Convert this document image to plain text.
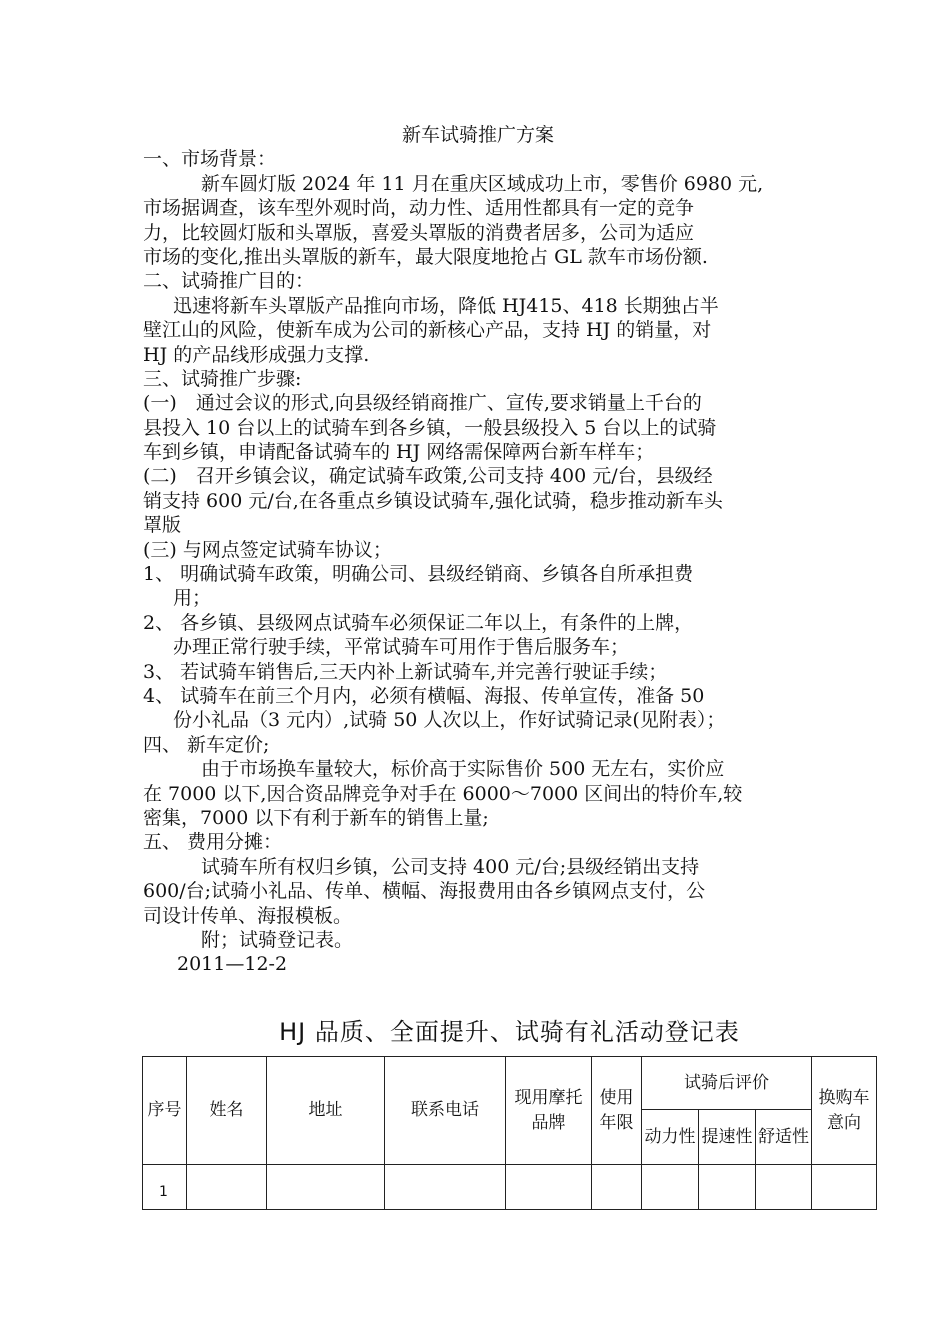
新车试骑推广方案
一、市场背景：
新车圆灯版 2024 年 11 月在重庆区域成功上市，零售价 6980 元,
市场据调查，该车型外观时尚，动力性、适用性都具有一定的竞争
力，比较圆灯版和头罩版，喜爱头罩版的消费者居多，公司为适应
市场的变化,推出头罩版的新车，最大限度地抢占 GL 款车市场份额.
二、试骑推广目的：
迅速将新车头罩版产品推向市场，降低 HJ415、418 长期独占半
壁江山的风险，使新车成为公司的新核心产品，支持 HJ 的销量，对
HJ 的产品线形成强力支撑.
三、试骑推广步骤:
(一)　通过会议的形式,向县级经销商推广、宣传,要求销量上千台的
县投入 10 台以上的试骑车到各乡镇，一般县级投入 5 台以上的试骑
车到乡镇，申请配备试骑车的 HJ 网络需保障两台新车样车；
(二)　召开乡镇会议，确定试骑车政策,公司支持 400 元/台，县级经
销支持 600 元/台,在各重点乡镇设试骑车,强化试骑，稳步推动新车头
罩版
(三) 与网点签定试骑车协议；
1、 明确试骑车政策，明确公司、县级经销商、乡镇各自所承担费
用；
2、 各乡镇、县级网点试骑车必须保证二年以上，有条件的上牌，
办理正常行驶手续，平常试骑车可用作于售后服务车；
3、 若试骑车销售后,三天内补上新试骑车,并完善行驶证手续；
4、 试骑车在前三个月内，必须有横幅、海报、传单宣传，准备 50
份小礼品（3 元内）,试骑 50 人次以上，作好试骑记录(见附表）；
四、 新车定价;
由于市场换车量较大，标价高于实际售价 500 无左右，实价应
在 7000 以下,因合资品牌竞争对手在 6000～7000 区间出的特价车,较
密集，7000 以下有利于新车的销售上量;
五、 费用分摊：
试骑车所有权归乡镇，公司支持 400 元/台;县级经销出支持
600/台;试骑小礼品、传单、横幅、海报费用由各乡镇网点支付，公
司设计传单、海报模板。
附；试骑登记表。
2011—12-2
HJ 品质、全面提升、试骑有礼活动登记表
序号	姓名	地址	联系电话	现用摩托品牌	使用年限	试骑后评价			换购车意向
						动力性	提速性	舒适性	
1									
